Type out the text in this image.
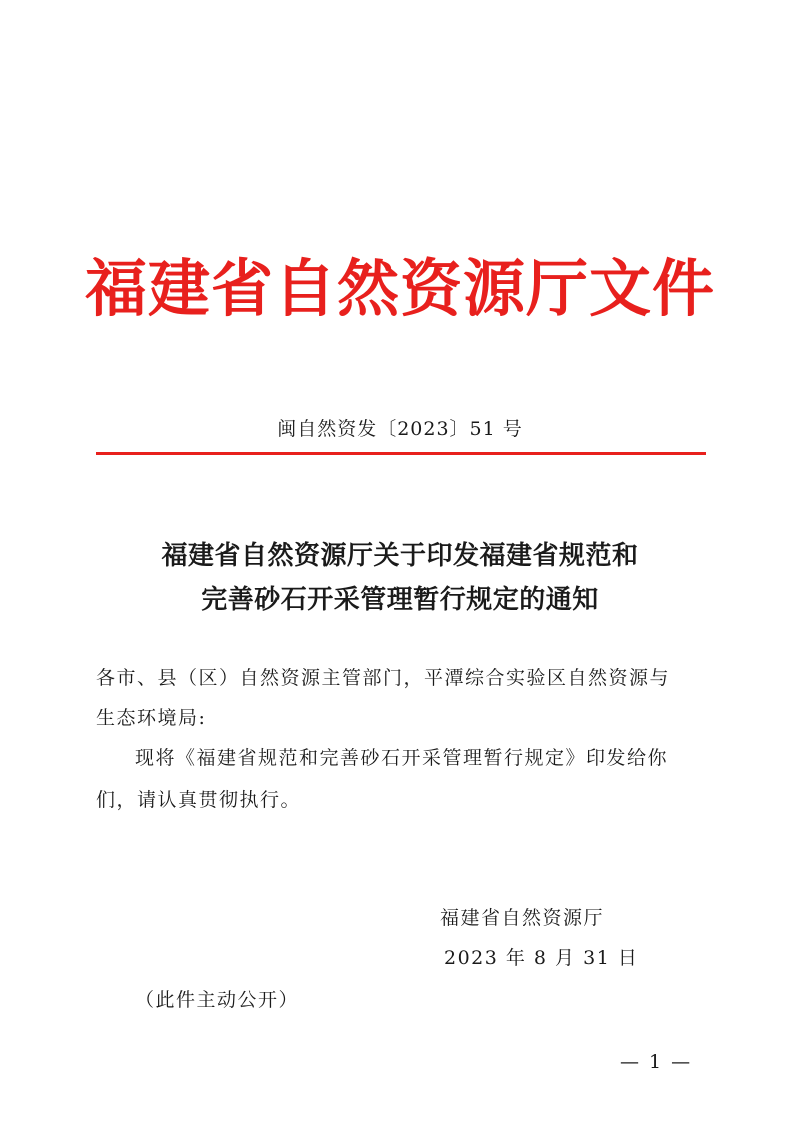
福建省自然资源厅文件
闽自然资发〔2023〕51 号
福建省自然资源厅关于印发福建省规范和
完善砂石开采管理暂行规定的通知
各市、县（区）自然资源主管部门，平潭综合实验区自然资源与
生态环境局:
现将《福建省规范和完善砂石开采管理暂行规定》印发给你
们，请认真贯彻执行。
福建省自然资源厅
2023 年 8 月 31 日
（此件主动公开）
— 1 —
